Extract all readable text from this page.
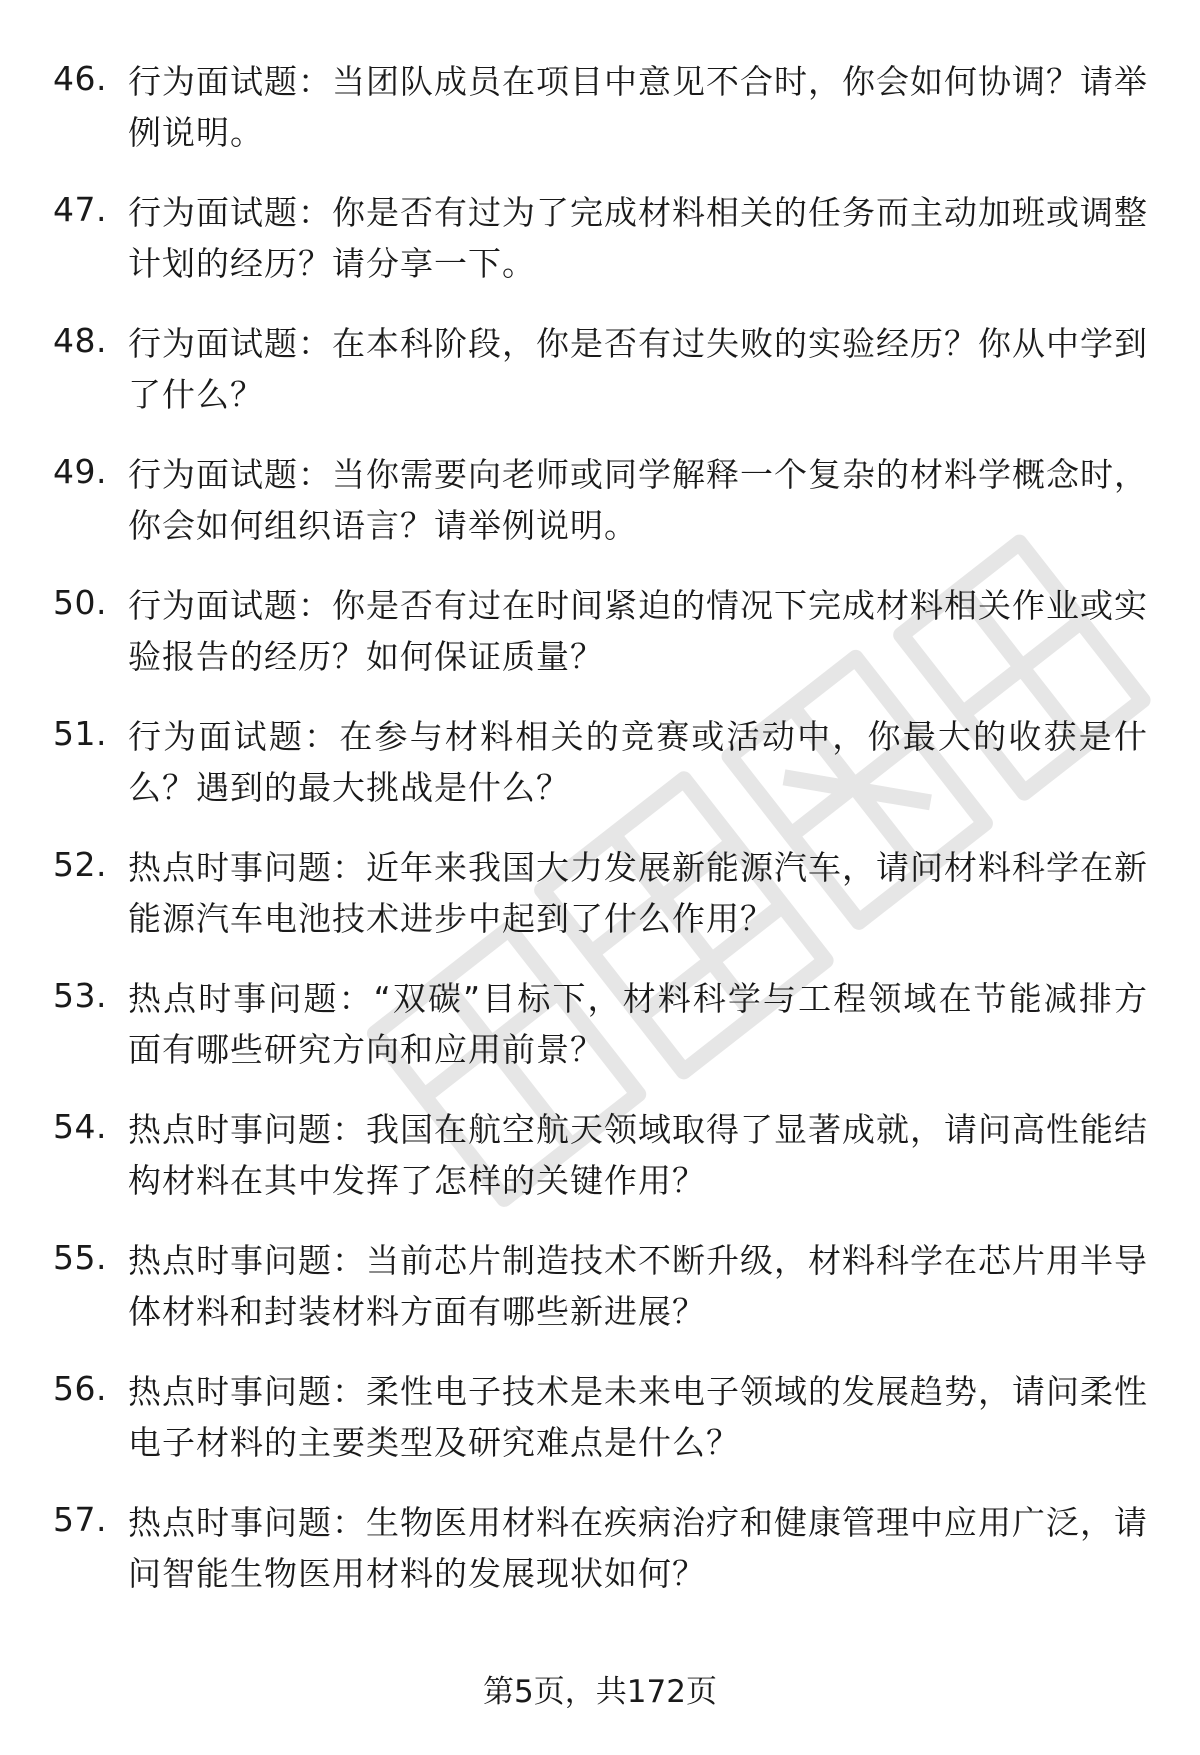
46. 行为面试题：当团队成员在项目中意见不合时，你会如何协调？请举例说明。
47. 行为面试题：你是否有过为了完成材料相关的任务而主动加班或调整计划的经历？请分享一下。
48. 行为面试题：在本科阶段，你是否有过失败的实验经历？你从中学到了什么？
49. 行为面试题：当你需要向老师或同学解释一个复杂的材料学概念时，你会如何组织语言？请举例说明。
50. 行为面试题：你是否有过在时间紧迫的情况下完成材料相关作业或实验报告的经历？如何保证质量？
51. 行为面试题：在参与材料相关的竞赛或活动中，你最大的收获是什么？遇到的最大挑战是什么？
52. 热点时事问题：近年来我国大力发展新能源汽车，请问材料科学在新能源汽车电池技术进步中起到了什么作用？
53. 热点时事问题：“双碳”目标下，材料科学与工程领域在节能减排方面有哪些研究方向和应用前景？
54. 热点时事问题：我国在航空航天领域取得了显著成就，请问高性能结构材料在其中发挥了怎样的关键作用？
55. 热点时事问题：当前芯片制造技术不断升级，材料科学在芯片用半导体材料和封装材料方面有哪些新进展？
56. 热点时事问题：柔性电子技术是未来电子领域的发展趋势，请问柔性电子材料的主要类型及研究难点是什么？
57. 热点时事问题：生物医用材料在疾病治疗和健康管理中应用广泛，请问智能生物医用材料的发展现状如何？
第5页，共172页
